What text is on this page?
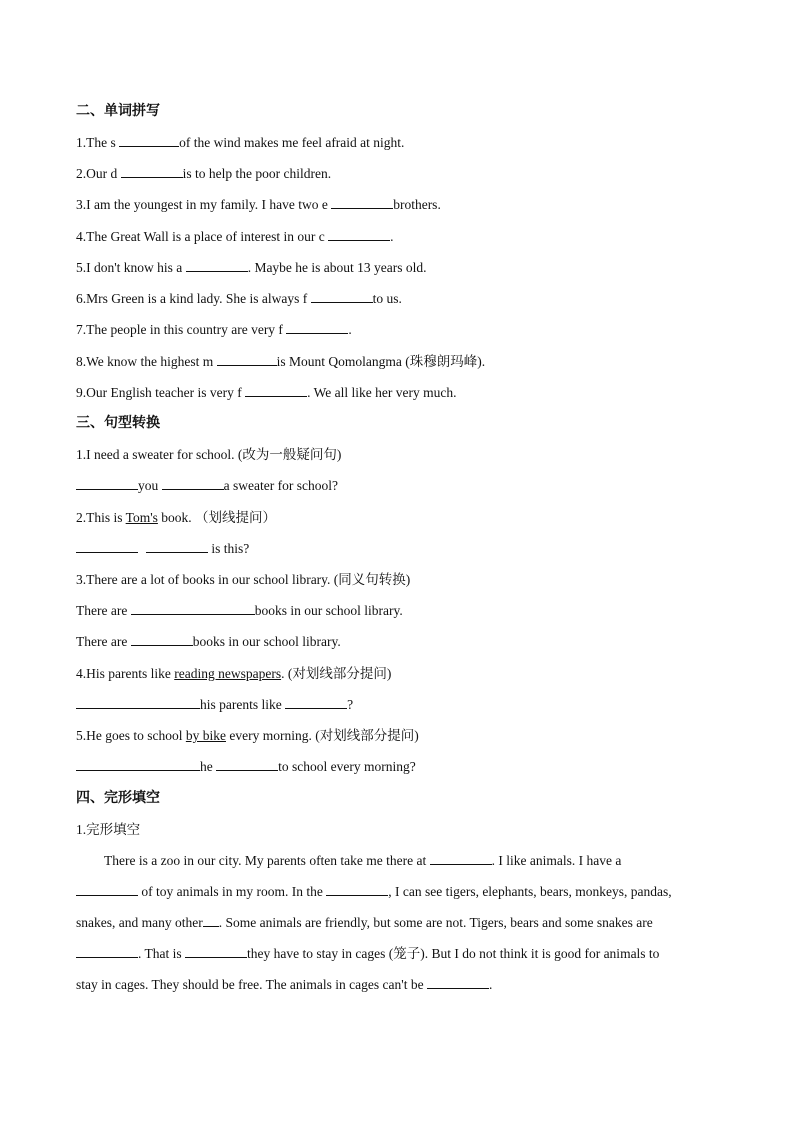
二、单词拼写
1.The s	of the wind makes me feel afraid at night.
2.Our d	is to help the poor children.
3.I am the youngest in my family. I have two e	brothers.
4.The Great Wall is a place of interest in our c	.
5.I don't know his a	. Maybe he is about 13 years old.
6.Mrs Green is a kind lady. She is always f	to us.
7.The people in this country are very f	.
8.We know the highest m	is Mount Qomolangma (珠穆朗玛峰).
9.Our English teacher is very f	. We all like her very much.
三、句型转换
1.I need a sweater for school. (改为一般疑问句)
you	a sweater for school?
2.This is Tom's book. （划线提问）
is this?
3.There are a lot of books in our school library. (同义句转换)
There are	books in our school library.
There are	books in our school library.
4.His parents like reading newspapers. (对划线部分提问)
his parents like	?
5.He goes to school by bike every morning. (对划线部分提问)
he	to school every morning?
四、完形填空
1.完形填空
There is a zoo in our city. My parents often take me there at	. I like animals. I have a
of toy animals in my room. In the	, I can see tigers, elephants, bears, monkeys, pandas,
snakes, and many other . Some animals are friendly, but some are not. Tigers, bears and some snakes are
. That is	they have to stay in cages (笼子). But I do not think it is good for animals to
stay in cages. They should be free. The animals in cages can't be	.
